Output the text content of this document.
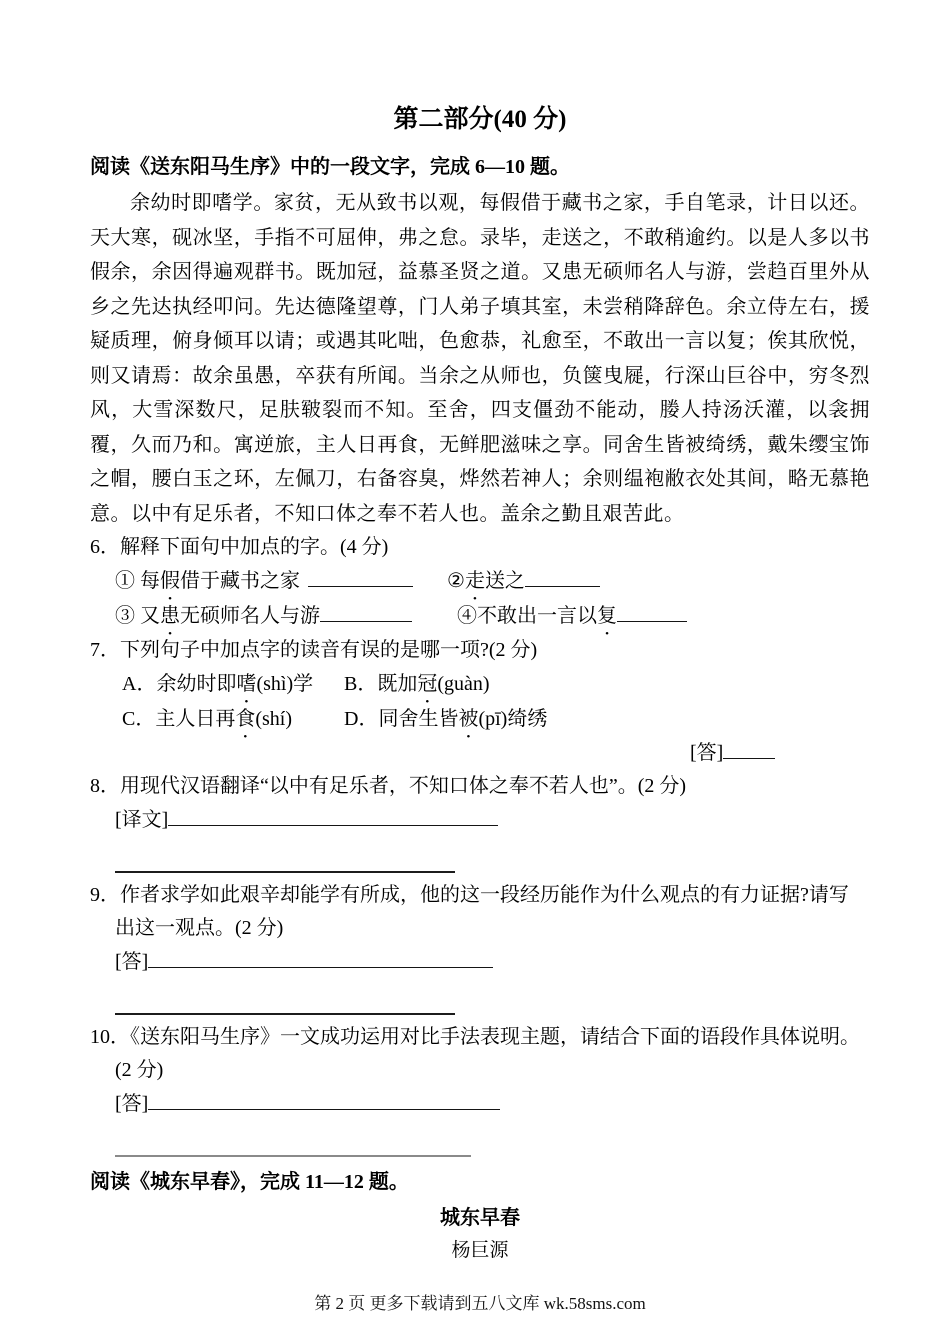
第二部分(40 分)

阅读《送东阳马生序》中的一段文字，完成 6—10 题。

余幼时即嗜学。家贫，无从致书以观，每假借于藏书之家，手自笔录，计日以还。天大寒，砚冰坚，手指不可屈伸，弗之怠。录毕，走送之，不敢稍逾约。以是人多以书假余，余因得遍观群书。既加冠，益慕圣贤之道。又患无硕师名人与游，尝趋百里外从乡之先达执经叩问。先达德隆望尊，门人弟子填其室，未尝稍降辞色。余立侍左右，援疑质理，俯身倾耳以请；或遇其叱咄，色愈恭，礼愈至，不敢出一言以复；俟其欣悦，则又请焉：故余虽愚，卒获有所闻。当余之从师也，负箧曳屣，行深山巨谷中，穷冬烈风，大雪深数尺，足肤皲裂而不知。至舍，四支僵劲不能动，媵人持汤沃灌，以衾拥覆，久而乃和。寓逆旅，主人日再食，无鲜肥滋味之享。同舍生皆被绮绣，戴朱缨宝饰之帽，腰白玉之环，左佩刀，右备容臭，烨然若神人；余则缊袍敝衣处其间，略无慕艳意。以中有足乐者，不知口体之奉不若人也。盖余之勤且艰苦此。

6．解释下面句中加点的字。(4 分)

① 每假借于藏书之家	②走送之

③ 又患无硕师名人与游	④不敢出一言以复

7．下列句子中加点字的读音有误的是哪一项?(2 分)

A．余幼时即嗜(shì)学 B．既加冠(guàn)

C．主人日再食(shí)	D．同舍生皆被(pī)绮绣

[答]

8．用现代汉语翻译“以中有足乐者，不知口体之奉不若人也”。(2 分)

[译文]

9．作者求学如此艰辛却能学有所成，他的这一段经历能作为什么观点的有力证据?请写

出这一观点。(2 分)

[答]

10．《送东阳马生序》一文成功运用对比手法表现主题，请结合下面的语段作具体说明。

(2 分)

[答]

阅读《城东早春》，完成 11—12 题。

城东早春

杨巨源

第 2 页 更多下载请到五八文库 wk.58sms.com
